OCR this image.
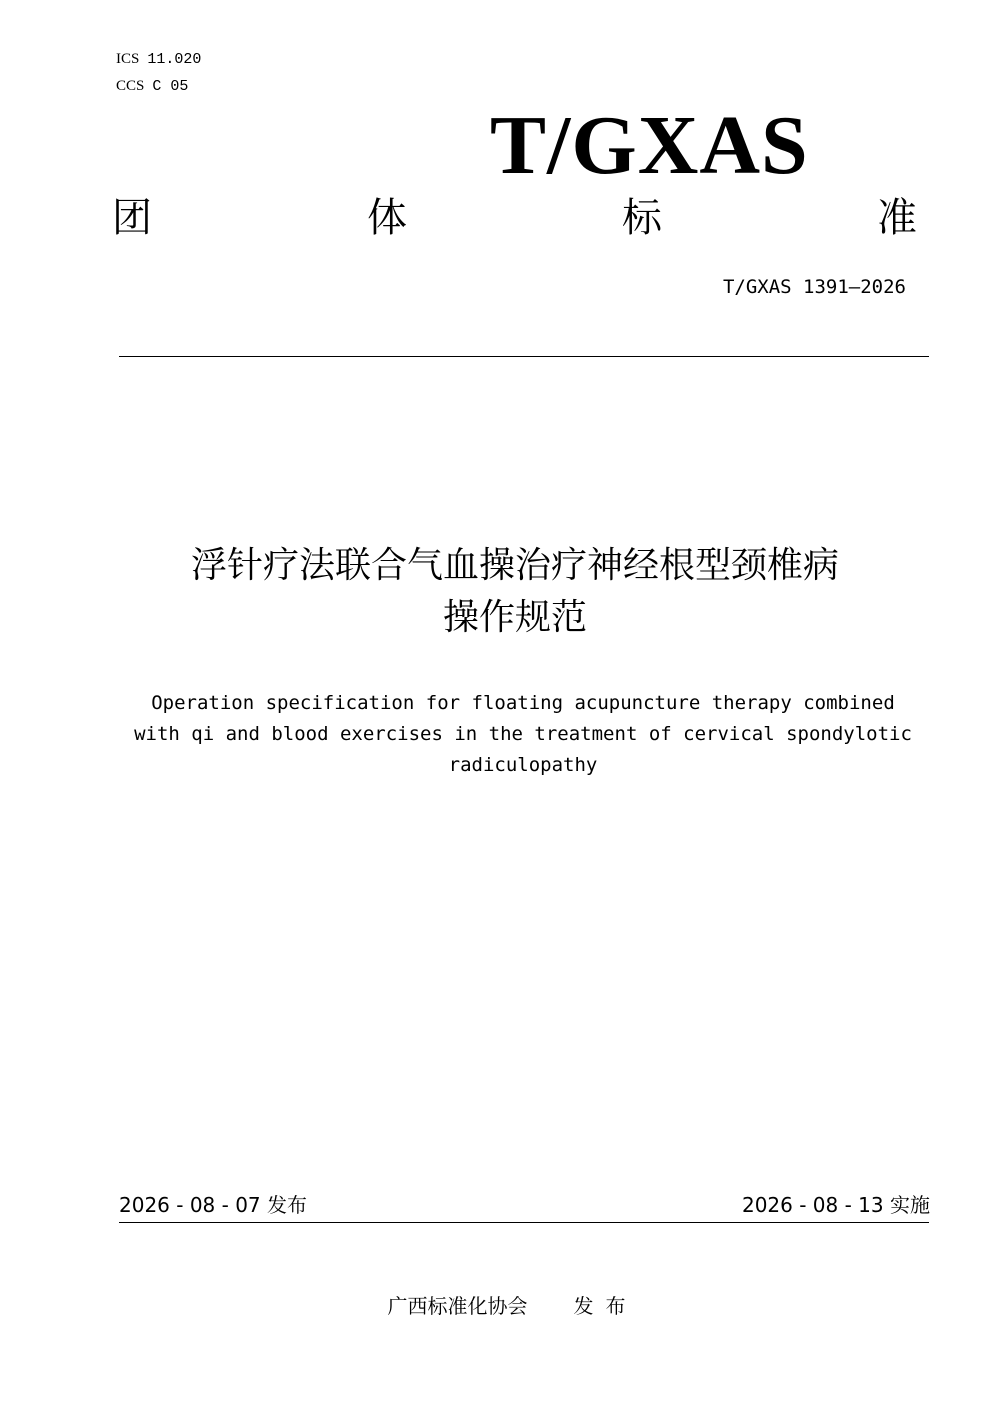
ICS 11.020
CCS C 05
T/GXAS
团	体	标	准
T/GXAS 1391—2026
浮针疗法联合气血操治疗神经根型颈椎病
操作规范
Operation specification for floating acupuncture therapy combined
with qi and blood exercises in the treatment of cervical spondylotic
radiculopathy
2026 - 08 - 07 发布	2026 - 08 - 13 实施
广西标准化协会 发布
